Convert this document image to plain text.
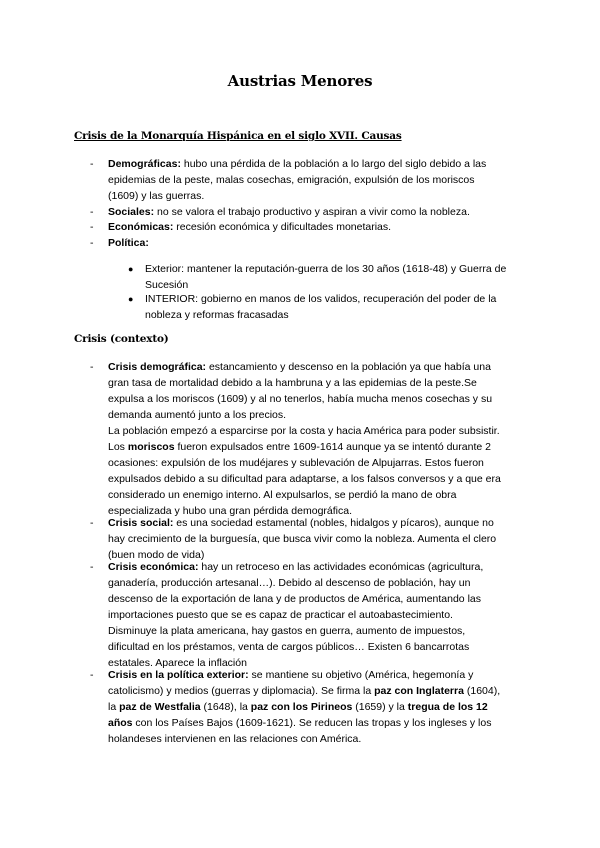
Austrias Menores
Crisis de la Monarquía Hispánica en el siglo XVII. Causas
- Demográficas: hubo una pérdida de la población a lo largo del siglo debido a las
epidemias de la peste, malas cosechas, emigración, expulsión de los moriscos
(1609) y las guerras.
- Sociales: no se valora el trabajo productivo y aspiran a vivir como la nobleza.
- Económicas: recesión económica y dificultades monetarias.
- Política:
● Exterior: mantener la reputación-guerra de los 30 años (1618-48) y Guerra de
Sucesión
● INTERIOR: gobierno en manos de los validos, recuperación del poder de la
nobleza y reformas fracasadas
Crisis (contexto)
- Crisis demográfica: estancamiento y descenso en la población ya que había una
gran tasa de mortalidad debido a la hambruna y a las epidemias de la peste.Se
expulsa a los moriscos (1609) y al no tenerlos, había mucha menos cosechas y su
demanda aumentó junto a los precios.
La población empezó a esparcirse por la costa y hacia América para poder subsistir.
Los moriscos fueron expulsados entre 1609-1614 aunque ya se intentó durante 2
ocasiones: expulsión de los mudéjares y sublevación de Alpujarras. Estos fueron
expulsados debido a su dificultad para adaptarse, a los falsos conversos y a que era
considerado un enemigo interno. Al expulsarlos, se perdió la mano de obra
especializada y hubo una gran pérdida demográfica.
- Crisis social: es una sociedad estamental (nobles, hidalgos y pícaros), aunque no
hay crecimiento de la burguesía, que busca vivir como la nobleza. Aumenta el clero
(buen modo de vida)
- Crisis económica: hay un retroceso en las actividades económicas (agricultura,
ganadería, producción artesanal…). Debido al descenso de población, hay un
descenso de la exportación de lana y de productos de América, aumentando las
importaciones puesto que se es capaz de practicar el autoabastecimiento.
Disminuye la plata americana, hay gastos en guerra, aumento de impuestos,
dificultad en los préstamos, venta de cargos públicos… Existen 6 bancarrotas
estatales. Aparece la inflación
- Crisis en la política exterior: se mantiene su objetivo (América, hegemonía y
catolicismo) y medios (guerras y diplomacia). Se firma la paz con Inglaterra (1604),
la paz de Westfalia (1648), la paz con los Pirineos (1659) y la tregua de los 12
años con los Países Bajos (1609-1621). Se reducen las tropas y los ingleses y los
holandeses intervienen en las relaciones con América.
